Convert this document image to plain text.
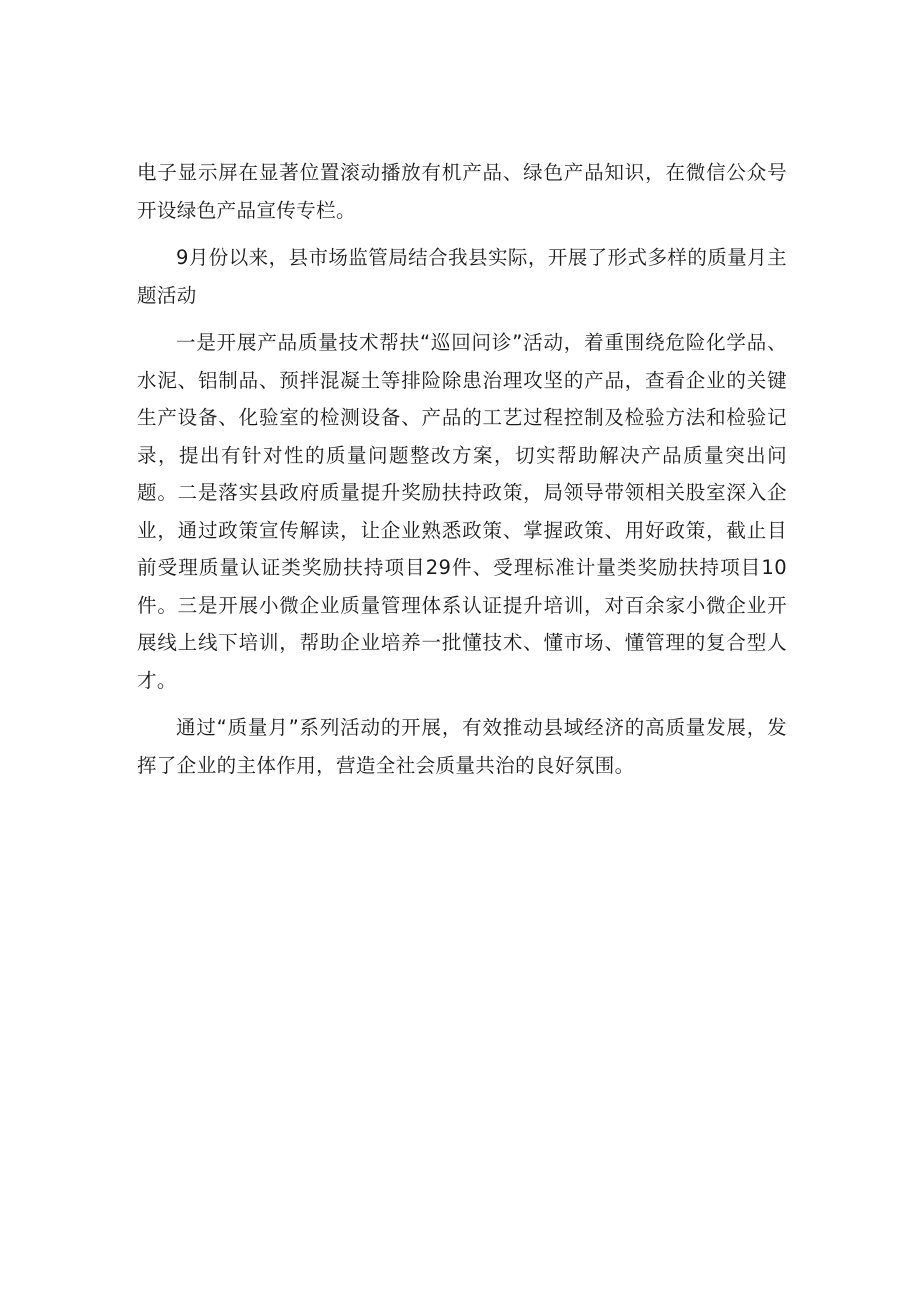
电子显示屏在显著位置滚动播放有机产品、绿色产品知识，在微信公众号开设绿色产品宣传专栏。

9月份以来，县市场监管局结合我县实际，开展了形式多样的质量月主题活动

一是开展产品质量技术帮扶“巡回问诊”活动，着重围绕危险化学品、水泥、铝制品、预拌混凝土等排险除患治理攻坚的产品，查看企业的关键生产设备、化验室的检测设备、产品的工艺过程控制及检验方法和检验记录，提出有针对性的质量问题整改方案，切实帮助解决产品质量突出问题。二是落实县政府质量提升奖励扶持政策，局领导带领相关股室深入企业，通过政策宣传解读，让企业熟悉政策、掌握政策、用好政策，截止目前受理质量认证类奖励扶持项目29件、受理标准计量类奖励扶持项目10件。三是开展小微企业质量管理体系认证提升培训，对百余家小微企业开展线上线下培训，帮助企业培养一批懂技术、懂市场、懂管理的复合型人才。

通过“质量月”系列活动的开展，有效推动县域经济的高质量发展，发挥了企业的主体作用，营造全社会质量共治的良好氛围。
